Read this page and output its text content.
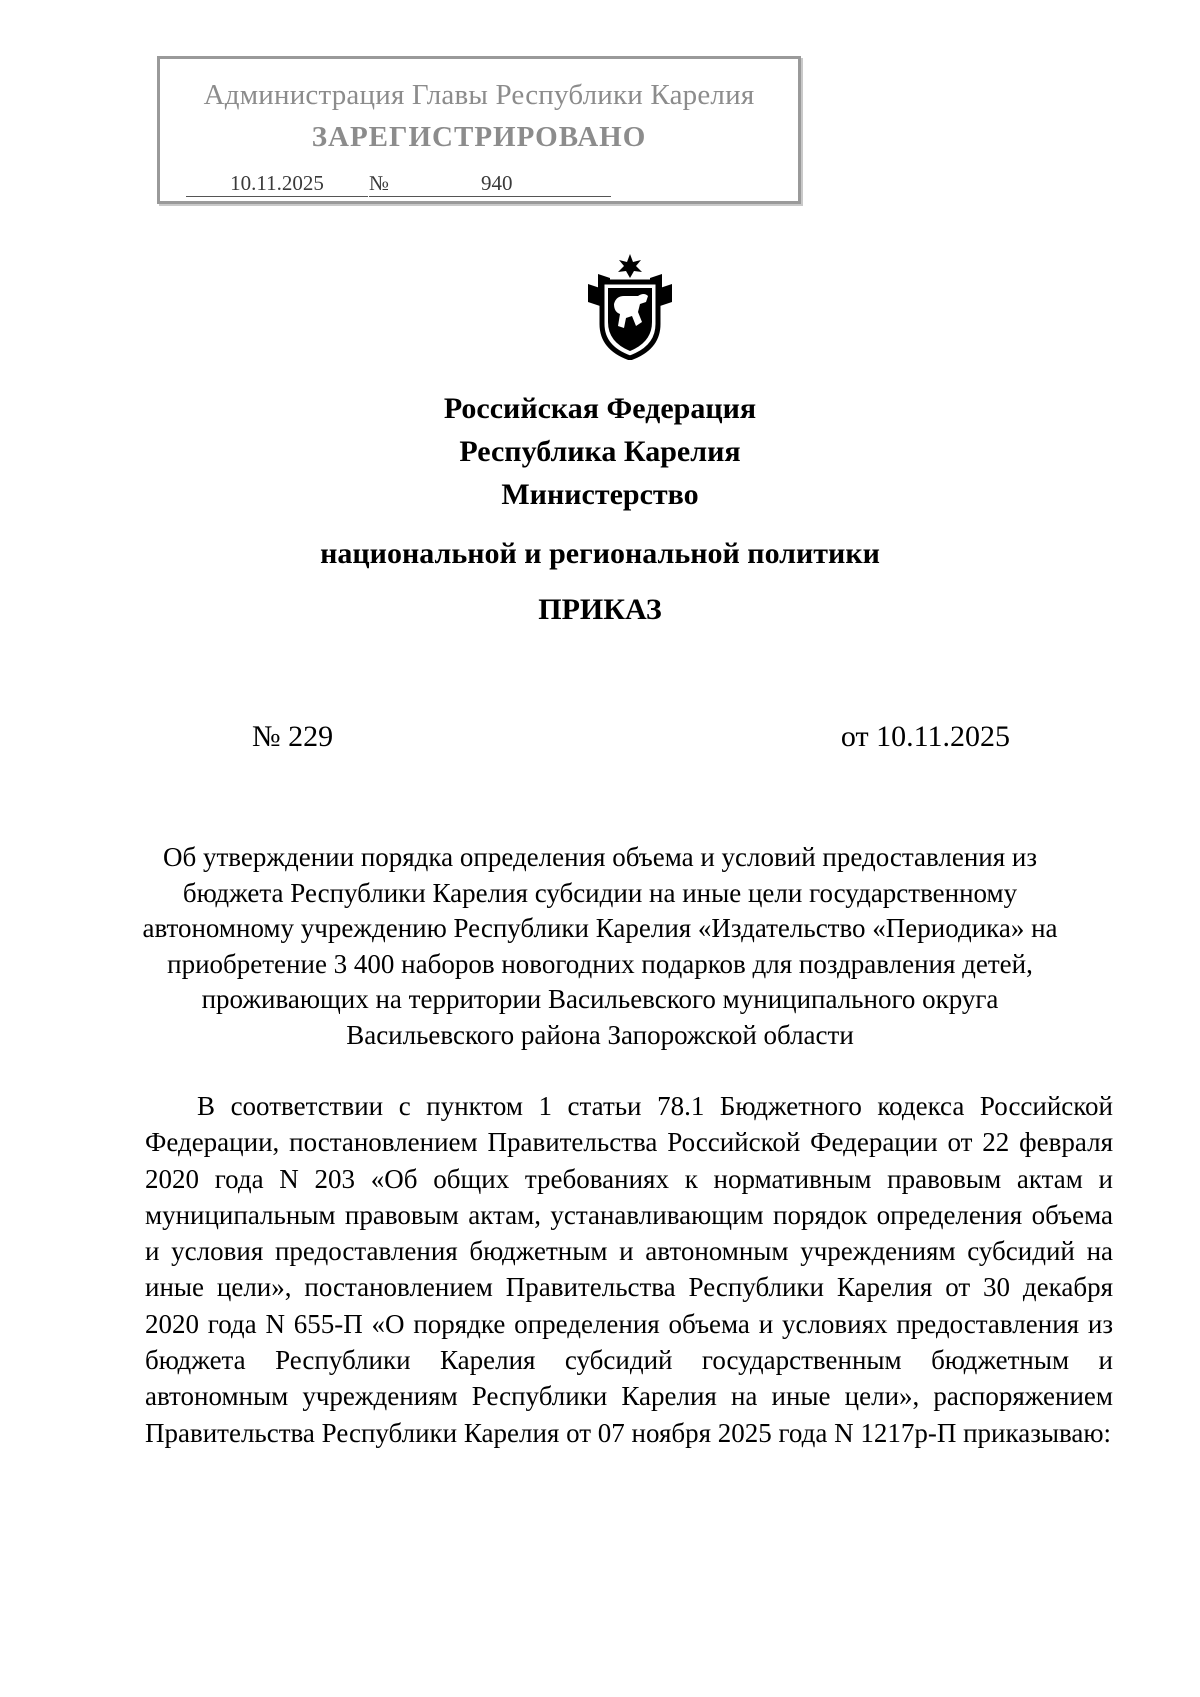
Администрация Главы Республики Карелия
ЗАРЕГИСТРИРОВАНО
10.11.2025	№	940
Российская Федерация
Республика Карелия
Министерство
национальной и региональной политики
ПРИКАЗ
№ 229	от 10.11.2025
Об утверждении порядка определения объема и условий предоставления из
бюджета Республики Карелия субсидии на иные цели государственному
автономному учреждению Республики Карелия «Издательство «Периодика» на
приобретение 3 400 наборов новогодних подарков для поздравления детей,
проживающих на территории Васильевского муниципального округа
Васильевского района Запорожской области
В соответствии с пунктом 1 статьи 78.1 Бюджетного кодекса Российской Федерации, постановлением Правительства Российской Федерации от 22 февраля 2020 года N 203 «Об общих требованиях к нормативным правовым актам и муниципальным правовым актам, устанавливающим порядок определения объема и условия предоставления бюджетным и автономным учреждениям субсидий на иные цели», постановлением Правительства Республики Карелия от 30 декабря 2020 года N 655-П «О порядке определения объема и условиях предоставления из бюджета Республики Карелия субсидий государственным бюджетным и автономным учреждениям Республики Карелия на иные цели», распоряжением Правительства Республики Карелия от 07 ноября 2025 года N 1217р-П приказываю:
